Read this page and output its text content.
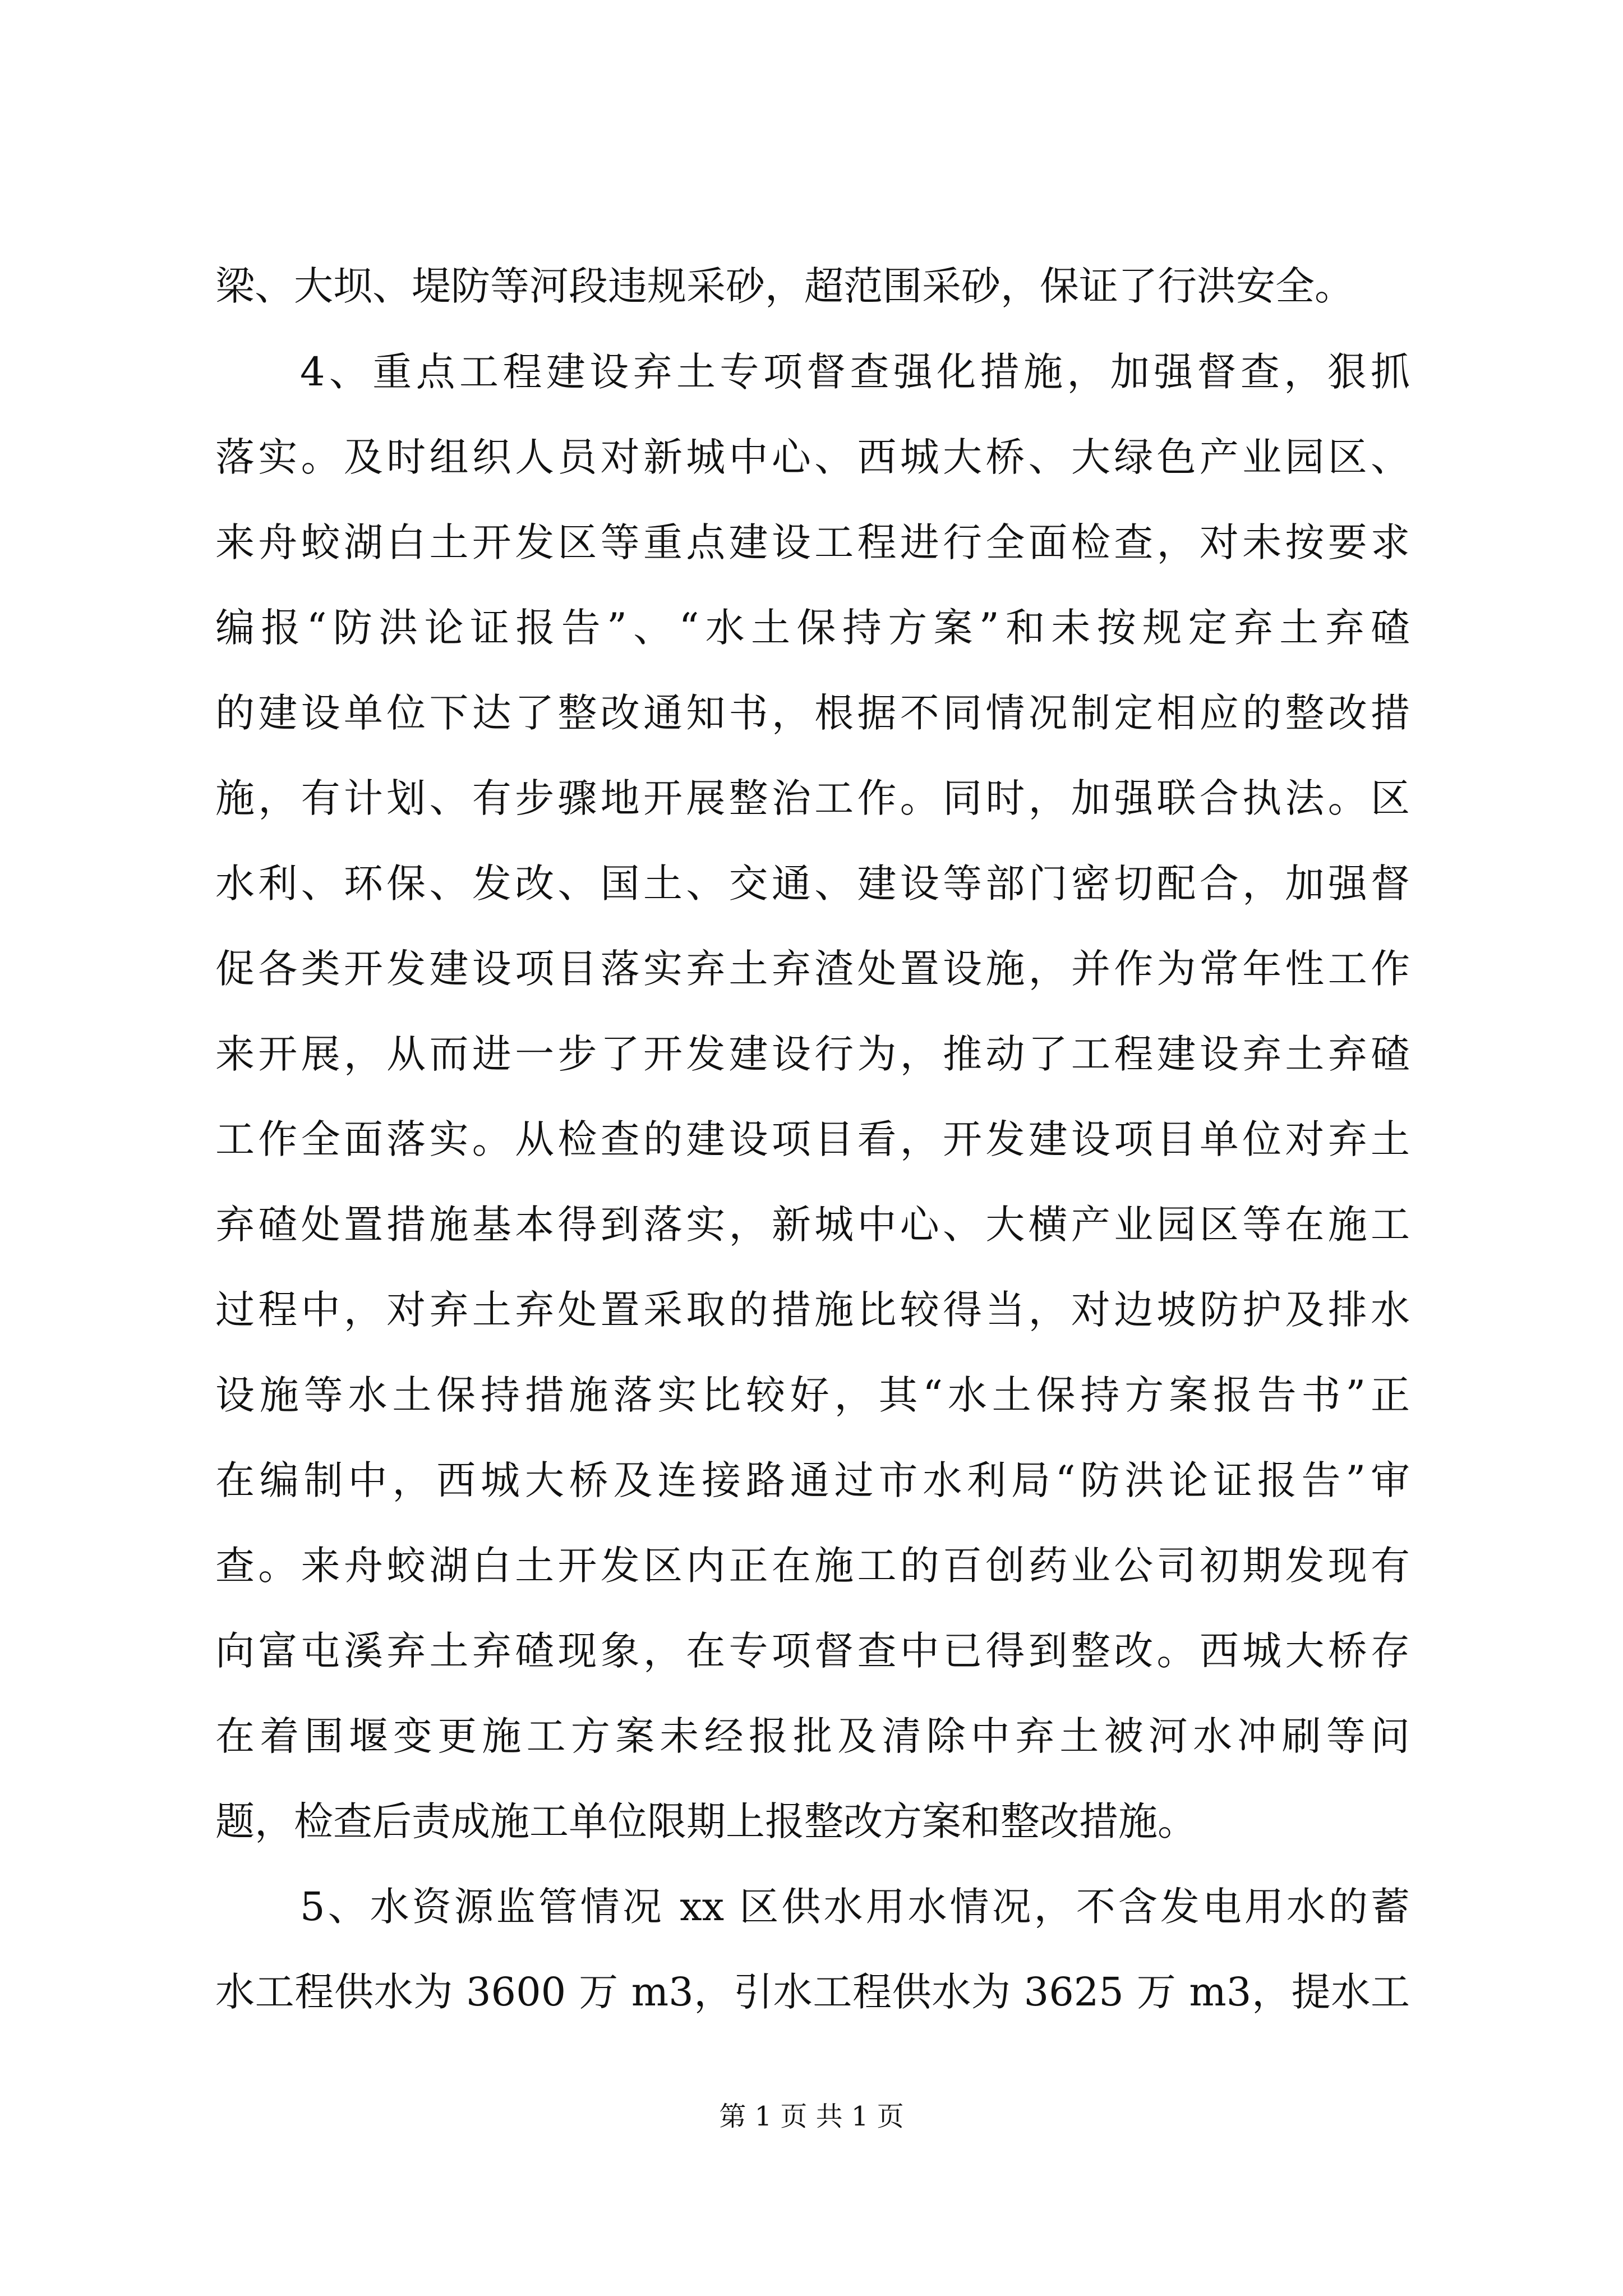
梁、大坝、堤防等河段违规采砂，超范围采砂，保证了行洪安全。
4、重点工程建设弃土专项督查强化措施，加强督查，狠抓
落实。及时组织人员对新城中心、西城大桥、大绿色产业园区、
来舟蛟湖白土开发区等重点建设工程进行全面检查，对未按要求
编报“防洪论证报告”、“水土保持方案”和未按规定弃土弃碴
的建设单位下达了整改通知书，根据不同情况制定相应的整改措
施，有计划、有步骤地开展整治工作。同时，加强联合执法。区
水利、环保、发改、国土、交通、建设等部门密切配合，加强督
促各类开发建设项目落实弃土弃渣处置设施，并作为常年性工作
来开展，从而进一步了开发建设行为，推动了工程建设弃土弃碴
工作全面落实。从检查的建设项目看，开发建设项目单位对弃土
弃碴处置措施基本得到落实，新城中心、大横产业园区等在施工
过程中，对弃土弃处置采取的措施比较得当，对边坡防护及排水
设施等水土保持措施落实比较好，其“水土保持方案报告书”正
在编制中，西城大桥及连接路通过市水利局“防洪论证报告”审
查。来舟蛟湖白土开发区内正在施工的百创药业公司初期发现有
向富屯溪弃土弃碴现象，在专项督查中已得到整改。西城大桥存
在着围堰变更施工方案未经报批及清除中弃土被河水冲刷等问
题，检查后责成施工单位限期上报整改方案和整改措施。
5、水资源监管情况 xx 区供水用水情况，不含发电用水的蓄
水工程供水为 3600 万 m3，引水工程供水为 3625 万 m3，提水工
第 1 页 共 1 页
